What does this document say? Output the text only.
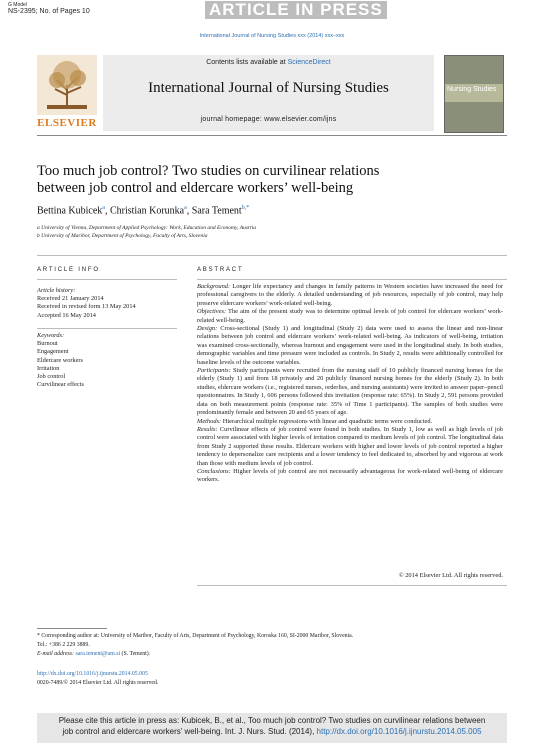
G Model
NS-2395; No. of Pages 10	ARTICLE IN PRESS
International Journal of Nursing Studies xxx (2014) xxx–xxx
ELSEVIER
Contents lists available at ScienceDirect
International Journal of Nursing Studies
journal homepage: www.elsevier.com/ijns
Nursing Studies
Too much job control? Two studies on curvilinear relations
between job control and eldercare workers’ well-being
Bettina Kubicek$^a$, Christian Korunka$^a$, Sara Tement$^{b,*}$
a University of Vienna, Department of Applied Psychology: Work, Education and Economy, Austria
b University of Maribor, Department of Psychology, Faculty of Arts, Slovenia
ARTICLE INFO
Article history:
Received 21 January 2014
Received in revised form 13 May 2014
Accepted 16 May 2014
Keywords:
Burnout
Engagement
Eldercare workers
Irritation
Job control
Curvilinear effects
ABSTRACT

Background: Longer life expectancy and changes in family patterns in Western societies have increased the need for professional caregivers to the elderly. A detailed understanding of job resources, especially of job control, may help preserve eldercare workers’ work-related well-being.

Objectives: The aim of the present study was to determine optimal levels of job control for eldercare workers’ work-related well-being.

Design: Cross-sectional (Study 1) and longitudinal (Study 2) data were used to assess the linear and non-linear relations between job control and eldercare workers’ work-related well-being. As indicators of well-being, irritation was examined cross-sectionally, whereas burnout and engagement were used in the longitudinal study. In both studies, demographic variables and time pressure were included as controls. In Study 2, results were additionally controlled for baseline levels of the outcome variables.

Participants: Study participants were recruited from the nursing staff of 10 publicly financed nursing homes for the elderly (Study 1) and from 18 privately and 20 publicly financed nursing homes for the elderly (Study 2). In both studies, eldercare workers (i.e., registered nurses, orderlies, and nursing assistants) were invited to answer paper–pencil questionnaires. In Study 1, 606 persons followed this invitation (response rate: 65%). In Study 2, 591 persons provided data on both measurement points (response rate: 35% of Time 1 participants). The samples of both studies were predominantly female and between 20 and 65 years of age.

Methods: Hierarchical multiple regressions with linear and quadratic terms were conducted.

Results: Curvilinear effects of job control were found in both studies. In Study 1, low as well as high levels of job control were associated with higher levels of irritation compared to medium levels of job control. The longitudinal data from Study 2 supported these results. Eldercare workers with higher and lower levels of job control reported a higher tendency to depersonalize care recipients and a lower tendency to feel dedicated to, absorbed by and vigorous at work than those with medium levels of job control.

Conclusions: Higher levels of job control are not necessarily advantageous for work-related well-being of eldercare workers.

© 2014 Elsevier Ltd. All rights reserved.
* Corresponding author at: University of Maribor, Faculty of Arts, Department of Psychology, Koroska 160, SI-2000 Maribor, Slovenia.
Tel.: +386 2 229 3889.
E-mail address: sara.tement@um.si (S. Tement).
http://dx.doi.org/10.1016/j.ijnurstu.2014.05.005
0020-7489/© 2014 Elsevier Ltd. All rights reserved.
Please cite this article in press as: Kubicek, B., et al., Too much job control? Two studies on curvilinear relations between
job control and eldercare workers’ well-being. Int. J. Nurs. Stud. (2014), http://dx.doi.org/10.1016/j.ijnurstu.2014.05.005
